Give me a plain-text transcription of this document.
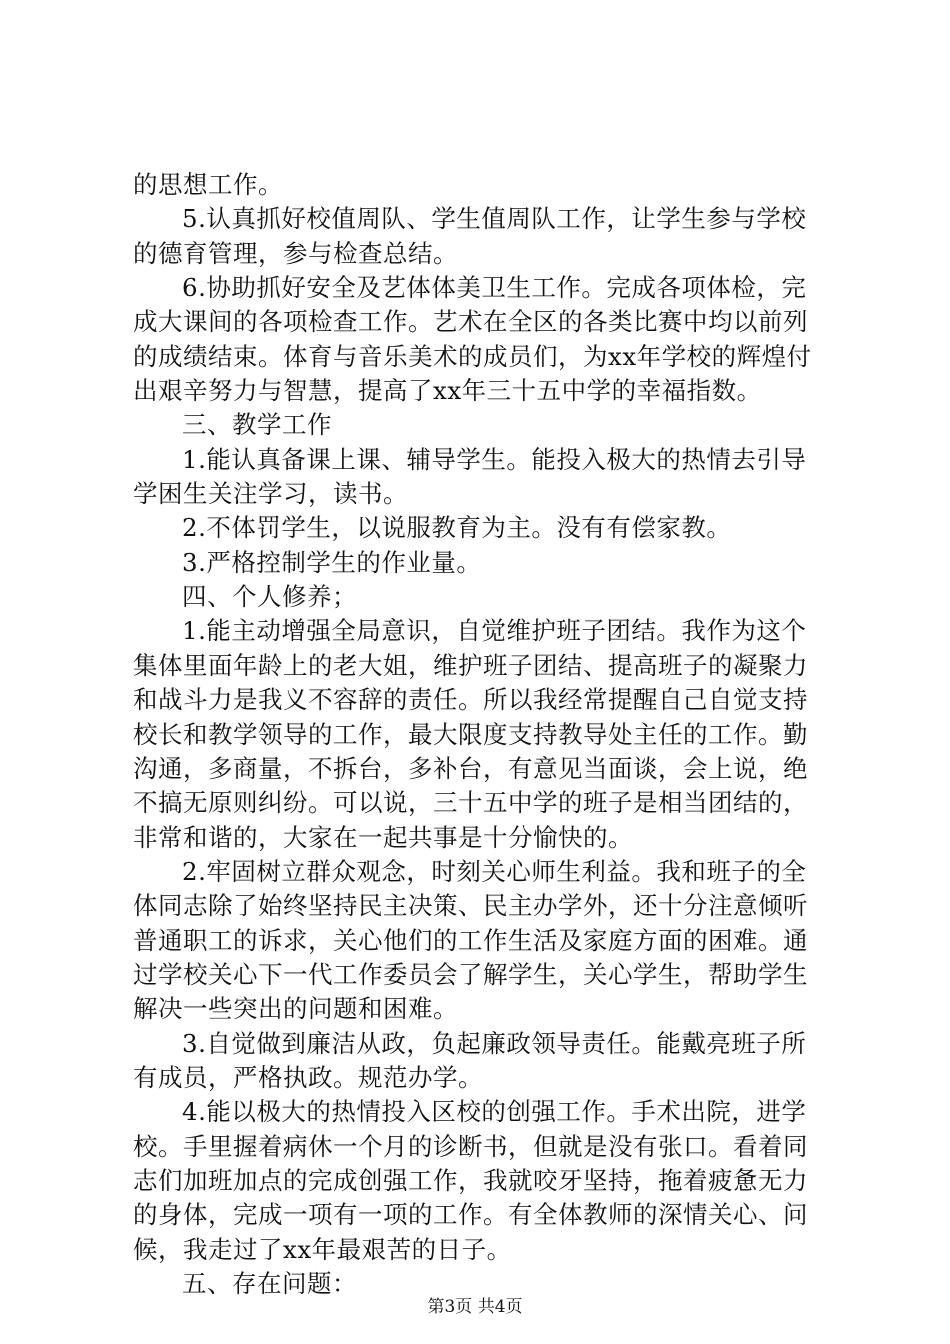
的思想工作。
5.认真抓好校值周队、学生值周队工作，让学生参与学校
的德育管理，参与检查总结。
6.协助抓好安全及艺体体美卫生工作。完成各项体检，完
成大课间的各项检查工作。艺术在全区的各类比赛中均以前列
的成绩结束。体育与音乐美术的成员们，为xx年学校的辉煌付
出艰辛努力与智慧，提高了xx年三十五中学的幸福指数。
三、教学工作
1.能认真备课上课、辅导学生。能投入极大的热情去引导
学困生关注学习，读书。
2.不体罚学生，以说服教育为主。没有有偿家教。
3.严格控制学生的作业量。
四、个人修养；
1.能主动增强全局意识，自觉维护班子团结。我作为这个
集体里面年龄上的老大姐，维护班子团结、提高班子的凝聚力
和战斗力是我义不容辞的责任。所以我经常提醒自己自觉支持
校长和教学领导的工作，最大限度支持教导处主任的工作。勤
沟通，多商量，不拆台，多补台，有意见当面谈，会上说，绝
不搞无原则纠纷。可以说，三十五中学的班子是相当团结的，
非常和谐的，大家在一起共事是十分愉快的。
2.牢固树立群众观念，时刻关心师生利益。我和班子的全
体同志除了始终坚持民主决策、民主办学外，还十分注意倾听
普通职工的诉求，关心他们的工作生活及家庭方面的困难。通
过学校关心下一代工作委员会了解学生，关心学生，帮助学生
解决一些突出的问题和困难。
3.自觉做到廉洁从政，负起廉政领导责任。能戴亮班子所
有成员，严格执政。规范办学。
4.能以极大的热情投入区校的创强工作。手术出院，进学
校。手里握着病休一个月的诊断书，但就是没有张口。看着同
志们加班加点的完成创强工作，我就咬牙坚持，拖着疲惫无力
的身体，完成一项有一项的工作。有全体教师的深情关心、问
候，我走过了xx年最艰苦的日子。
五、存在问题：
第3页 共4页
